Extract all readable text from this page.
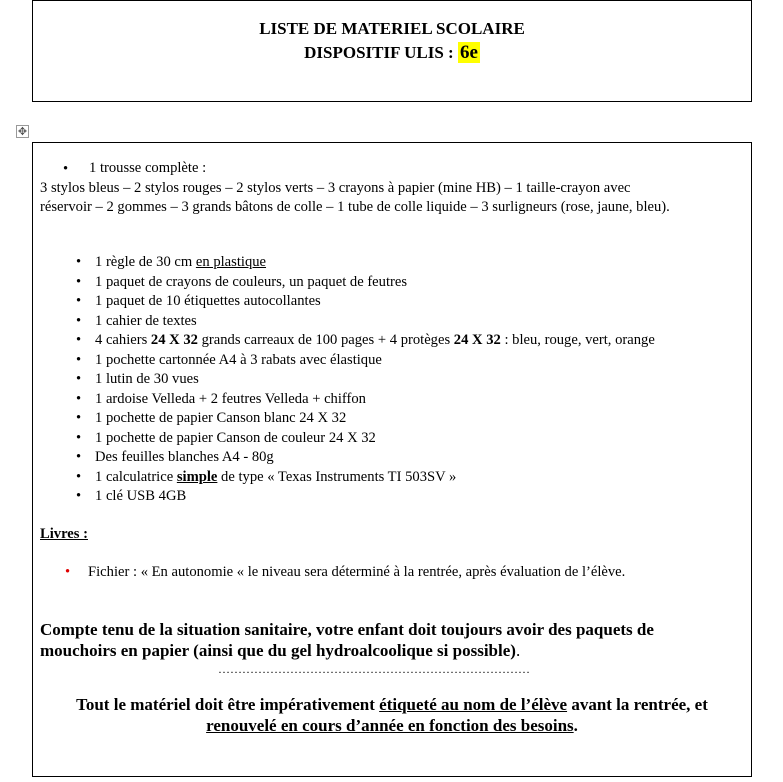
LISTE DE MATERIEL SCOLAIRE
DISPOSITIF ULIS : 6e
✥
• 1 trousse complète :
3 stylos bleus – 2 stylos rouges – 2 stylos verts – 3 crayons à papier (mine HB) – 1 taille-crayon avec
réservoir – 2 gommes – 3 grands bâtons de colle – 1 tube de colle liquide – 3 surligneurs (rose, jaune, bleu).
• 1 règle de 30 cm en plastique
• 1 paquet de crayons de couleurs, un paquet de feutres
• 1 paquet de 10 étiquettes autocollantes
• 1 cahier de textes
• 4 cahiers 24 X 32 grands carreaux de 100 pages + 4 protèges 24 X 32 : bleu, rouge, vert, orange
• 1 pochette cartonnée A4 à 3 rabats avec élastique
• 1 lutin de 30 vues
• 1 ardoise Velleda + 2 feutres Velleda + chiffon
• 1 pochette de papier Canson blanc 24 X 32
• 1 pochette de papier Canson de couleur 24 X 32
• Des feuilles blanches A4 - 80g
• 1 calculatrice simple de type « Texas Instruments TI 503SV »
• 1 clé USB 4GB
Livres :
• Fichier : « En autonomie « le niveau sera déterminé à la rentrée, après évaluation de l’élève.
Compte tenu de la situation sanitaire, votre enfant doit toujours avoir des paquets de
mouchoirs en papier (ainsi que du gel hydroalcoolique si possible).
……………………………………………………………………
Tout le matériel doit être impérativement étiqueté au nom de l’élève avant la rentrée, et
renouvelé en cours d’année en fonction des besoins.
